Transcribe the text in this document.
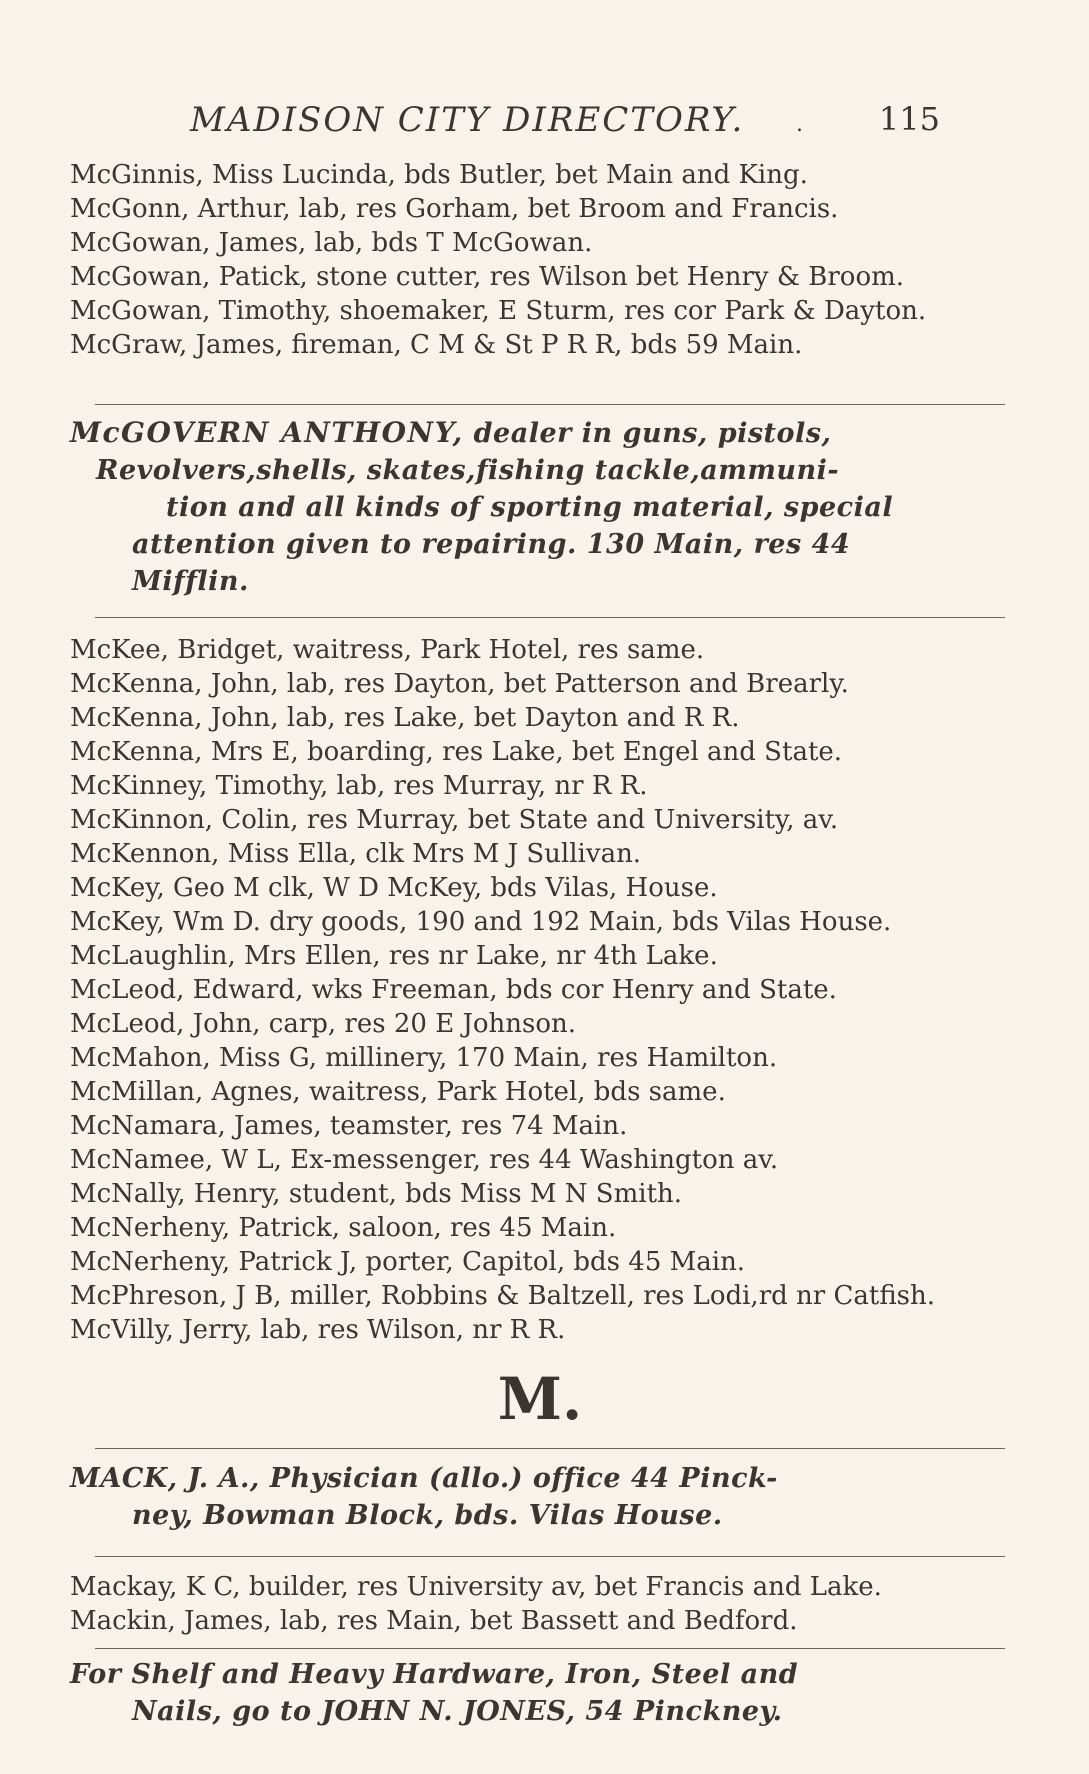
MADISON CITY DIRECTORY. . 115
McGinnis, Miss Lucinda, bds Butler, bet Main and King.
McGonn, Arthur, lab, res Gorham, bet Broom and Francis.
McGowan, James, lab, bds T McGowan.
McGowan, Patick, stone cutter, res Wilson bet Henry & Broom.
McGowan, Timothy, shoemaker, E Sturm, res cor Park & Dayton.
McGraw, James, fireman, C M & St P R R, bds 59 Main.
McGOVERN ANTHONY, dealer in guns, pistols,
Revolvers,shells, skates,fishing tackle,ammuni-
tion and all kinds of sporting material, special
attention given to repairing. 130 Main, res 44
Mifflin.
McKee, Bridget, waitress, Park Hotel, res same.
McKenna, John, lab, res Dayton, bet Patterson and Brearly.
McKenna, John, lab, res Lake, bet Dayton and R R.
McKenna, Mrs E, boarding, res Lake, bet Engel and State.
McKinney, Timothy, lab, res Murray, nr R R.
McKinnon, Colin, res Murray, bet State and University, av.
McKennon, Miss Ella, clk Mrs M J Sullivan.
McKey, Geo M clk, W D McKey, bds Vilas, House.
McKey, Wm D. dry goods, 190 and 192 Main, bds Vilas House.
McLaughlin, Mrs Ellen, res nr Lake, nr 4th Lake.
McLeod, Edward, wks Freeman, bds cor Henry and State.
McLeod, John, carp, res 20 E Johnson.
McMahon, Miss G, millinery, 170 Main, res Hamilton.
McMillan, Agnes, waitress, Park Hotel, bds same.
McNamara, James, teamster, res 74 Main.
McNamee, W L, Ex-messenger, res 44 Washington av.
McNally, Henry, student, bds Miss M N Smith.
McNerheny, Patrick, saloon, res 45 Main.
McNerheny, Patrick J, porter, Capitol, bds 45 Main.
McPhreson, J B, miller, Robbins & Baltzell, res Lodi,rd nr Catfish.
McVilly, Jerry, lab, res Wilson, nr R R.
M.
MACK, J. A., Physician (allo.) office 44 Pinck-
ney, Bowman Block, bds. Vilas House.
Mackay, K C, builder, res University av, bet Francis and Lake.
Mackin, James, lab, res Main, bet Bassett and Bedford.
For Shelf and Heavy Hardware, Iron, Steel and
Nails, go to JOHN N. JONES, 54 Pinckney.
